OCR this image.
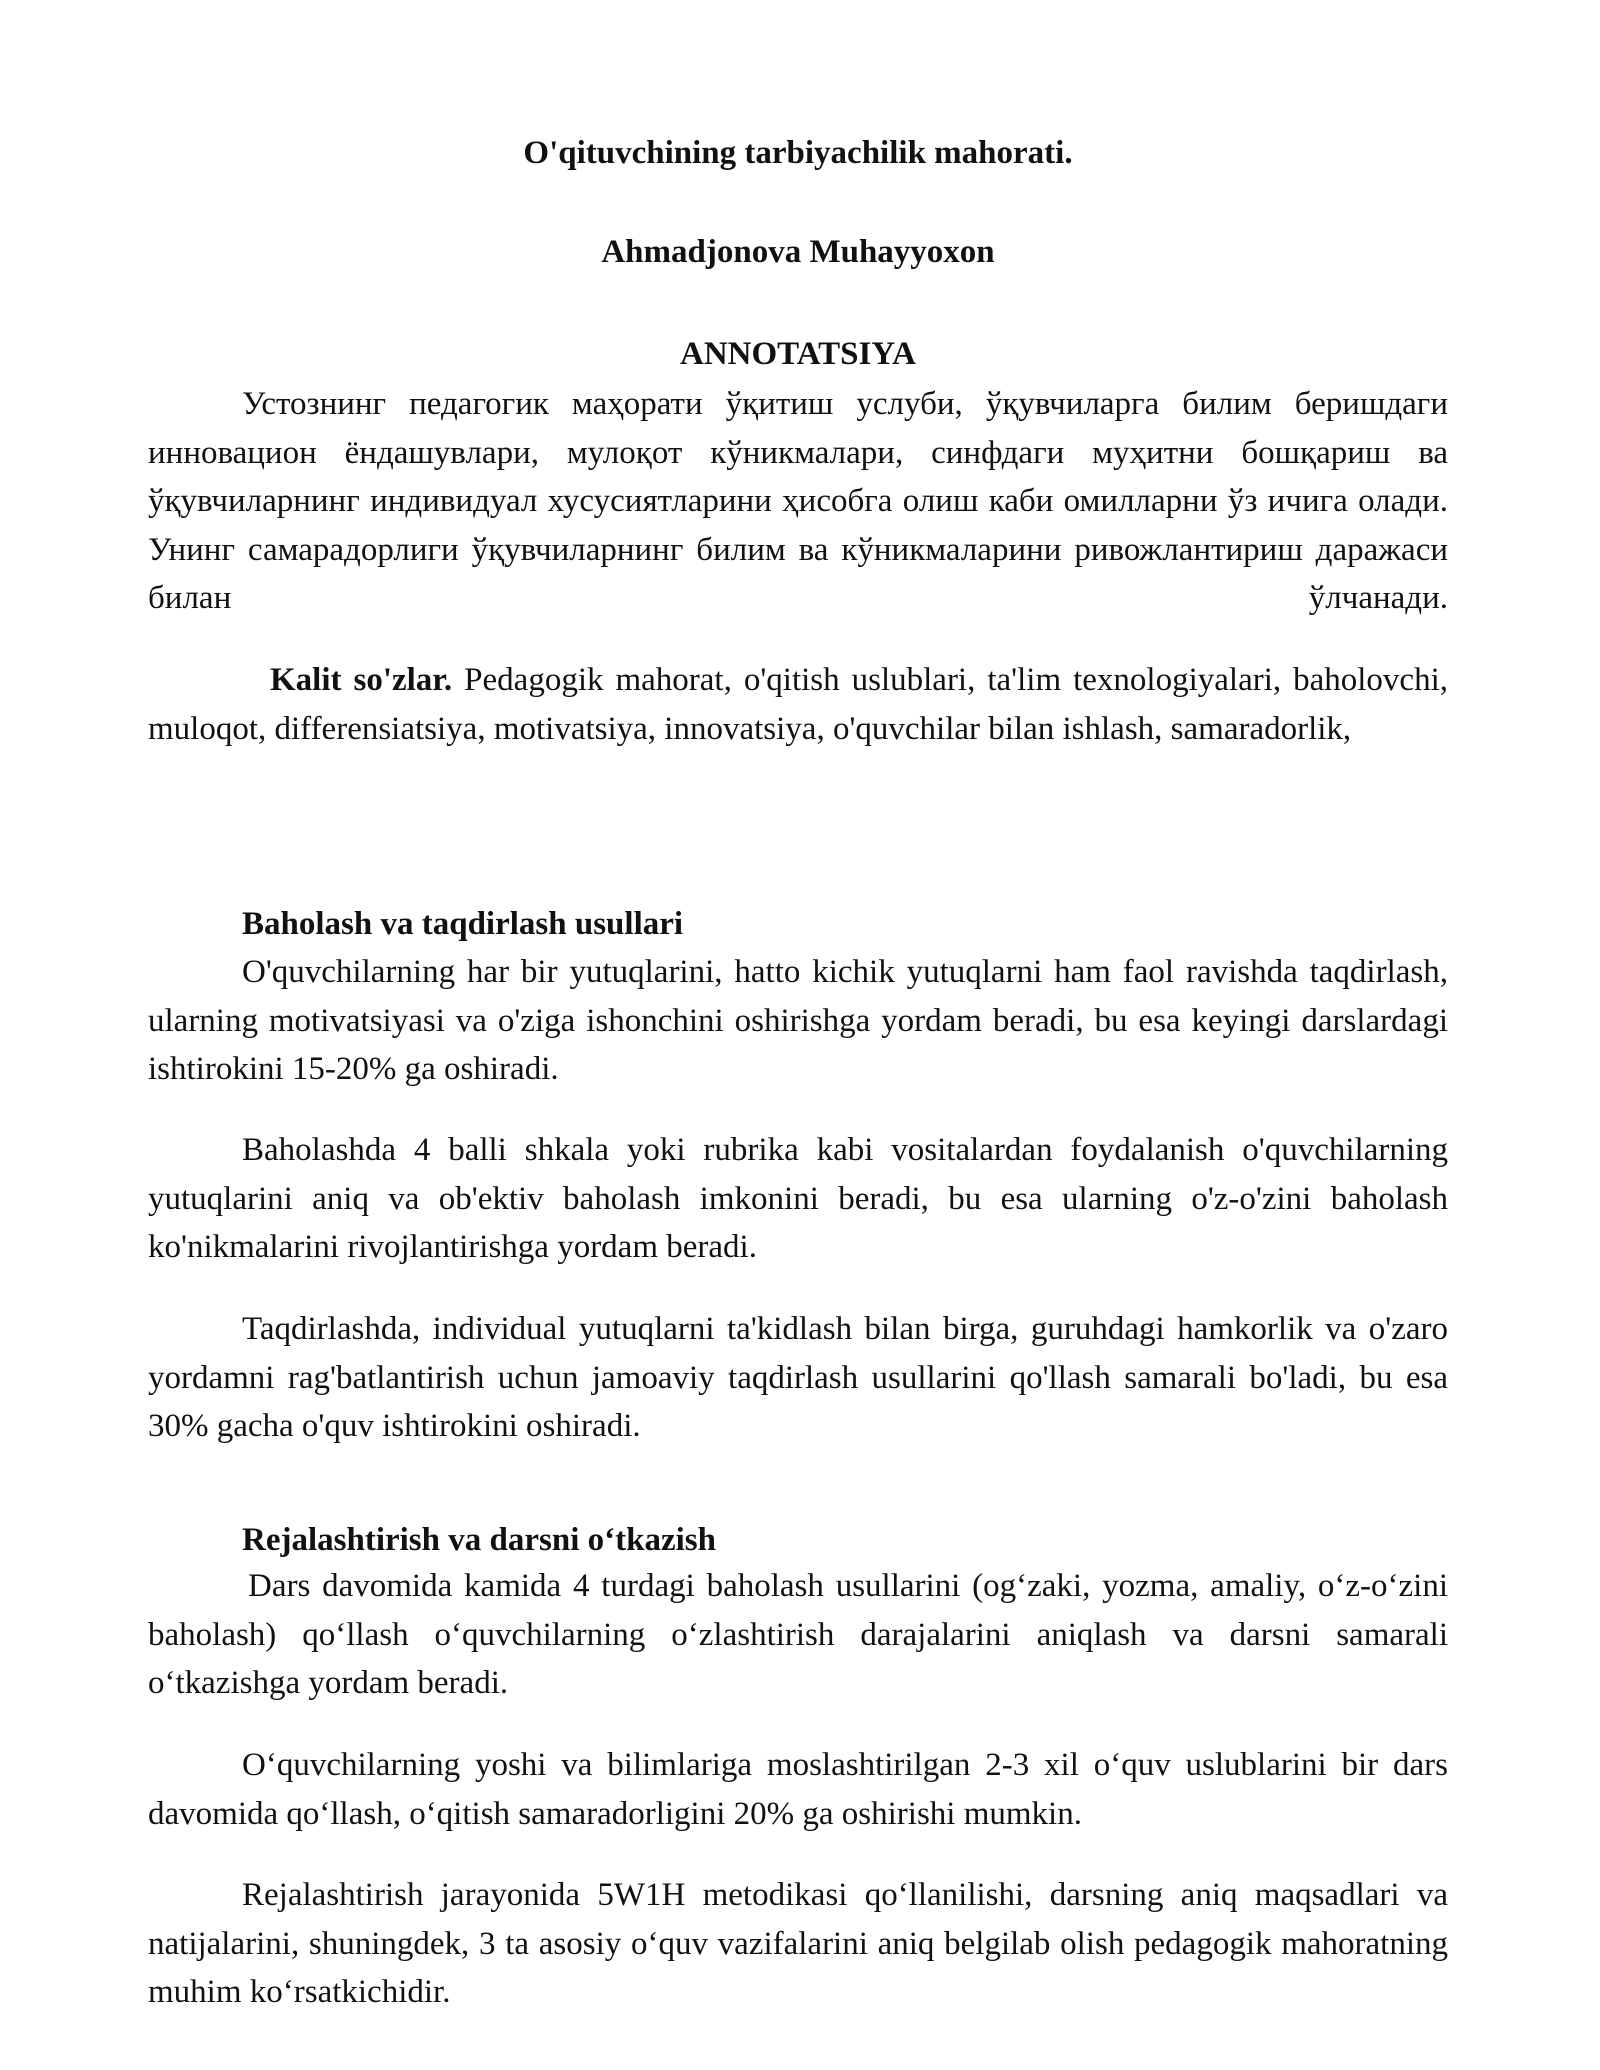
O'qituvchining tarbiyachilik mahorati.
Ahmadjonova Muhayyoxon
ANNOTATSIYA

Устознинг педагогик маҳорати ўқитиш услуби, ўқувчиларга билим беришдаги инновацион ёндашувлари, мулоқот кўникмалари, синфдаги муҳитни бошқариш ва ўқувчиларнинг индивидуал хусусиятларини ҳисобга олиш каби омилларни ўз ичига олади. Унинг самарадорлиги ўқувчиларнинг билим ва кўникмаларини ривожлантириш даражаси билан ўлчанади.

Kalit so'zlar. Pedagogik mahorat, o'qitish uslublari, ta'lim texnologiyalari, baholovchi, muloqot, differensiatsiya, motivatsiya, innovatsiya, o'quvchilar bilan ishlash, samaradorlik,

Baholash va taqdirlash usullari

O'quvchilarning har bir yutuqlarini, hatto kichik yutuqlarni ham faol ravishda taqdirlash, ularning motivatsiyasi va o'ziga ishonchini oshirishga yordam beradi, bu esa keyingi darslardagi ishtirokini 15-20% ga oshiradi.

Baholashda 4 balli shkala yoki rubrika kabi vositalardan foydalanish o'quvchilarning yutuqlarini aniq va ob'ektiv baholash imkonini beradi, bu esa ularning o'z-o'zini baholash ko'nikmalarini rivojlantirishga yordam beradi.

Taqdirlashda, individual yutuqlarni ta'kidlash bilan birga, guruhdagi hamkorlik va o'zaro yordamni rag'batlantirish uchun jamoaviy taqdirlash usullarini qo'llash samarali bo'ladi, bu esa 30% gacha o'quv ishtirokini oshiradi.

Rejalashtirish va darsni o‘tkazish

Dars davomida kamida 4 turdagi baholash usullarini (og‘zaki, yozma, amaliy, o‘z-o‘zini baholash) qo‘llash o‘quvchilarning o‘zlashtirish darajalarini aniqlash va darsni samarali o‘tkazishga yordam beradi.

O‘quvchilarning yoshi va bilimlariga moslashtirilgan 2-3 xil o‘quv uslublarini bir dars davomida qo‘llash, o‘qitish samaradorligini 20% ga oshirishi mumkin.

Rejalashtirish jarayonida 5W1H metodikasi qo‘llanilishi, darsning aniq maqsadlari va natijalarini, shuningdek, 3 ta asosiy o‘quv vazifalarini aniq belgilab olish pedagogik mahoratning muhim ko‘rsatkichidir.
